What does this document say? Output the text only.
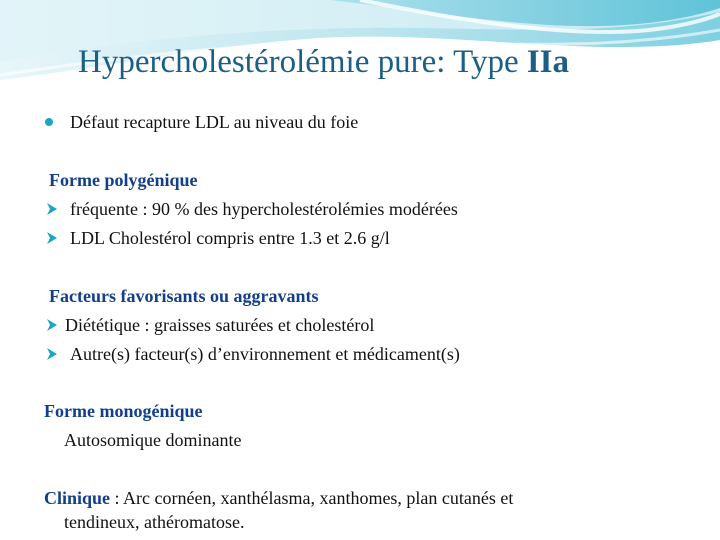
Hypercholestérolémie pure: Type IIa
Défaut recapture LDL au niveau du foie
Forme polygénique
fréquente : 90 % des hypercholestérolémies modérées
LDL Cholestérol compris entre 1.3 et 2.6 g/l
Facteurs favorisants ou aggravants
Diététique : graisses saturées et cholestérol
Autre(s) facteur(s) d’environnement et médicament(s)
Forme monogénique
Autosomique dominante
Clinique : Arc cornéen, xanthélasma, xanthomes, plan cutanés et
tendineux, athéromatose.
